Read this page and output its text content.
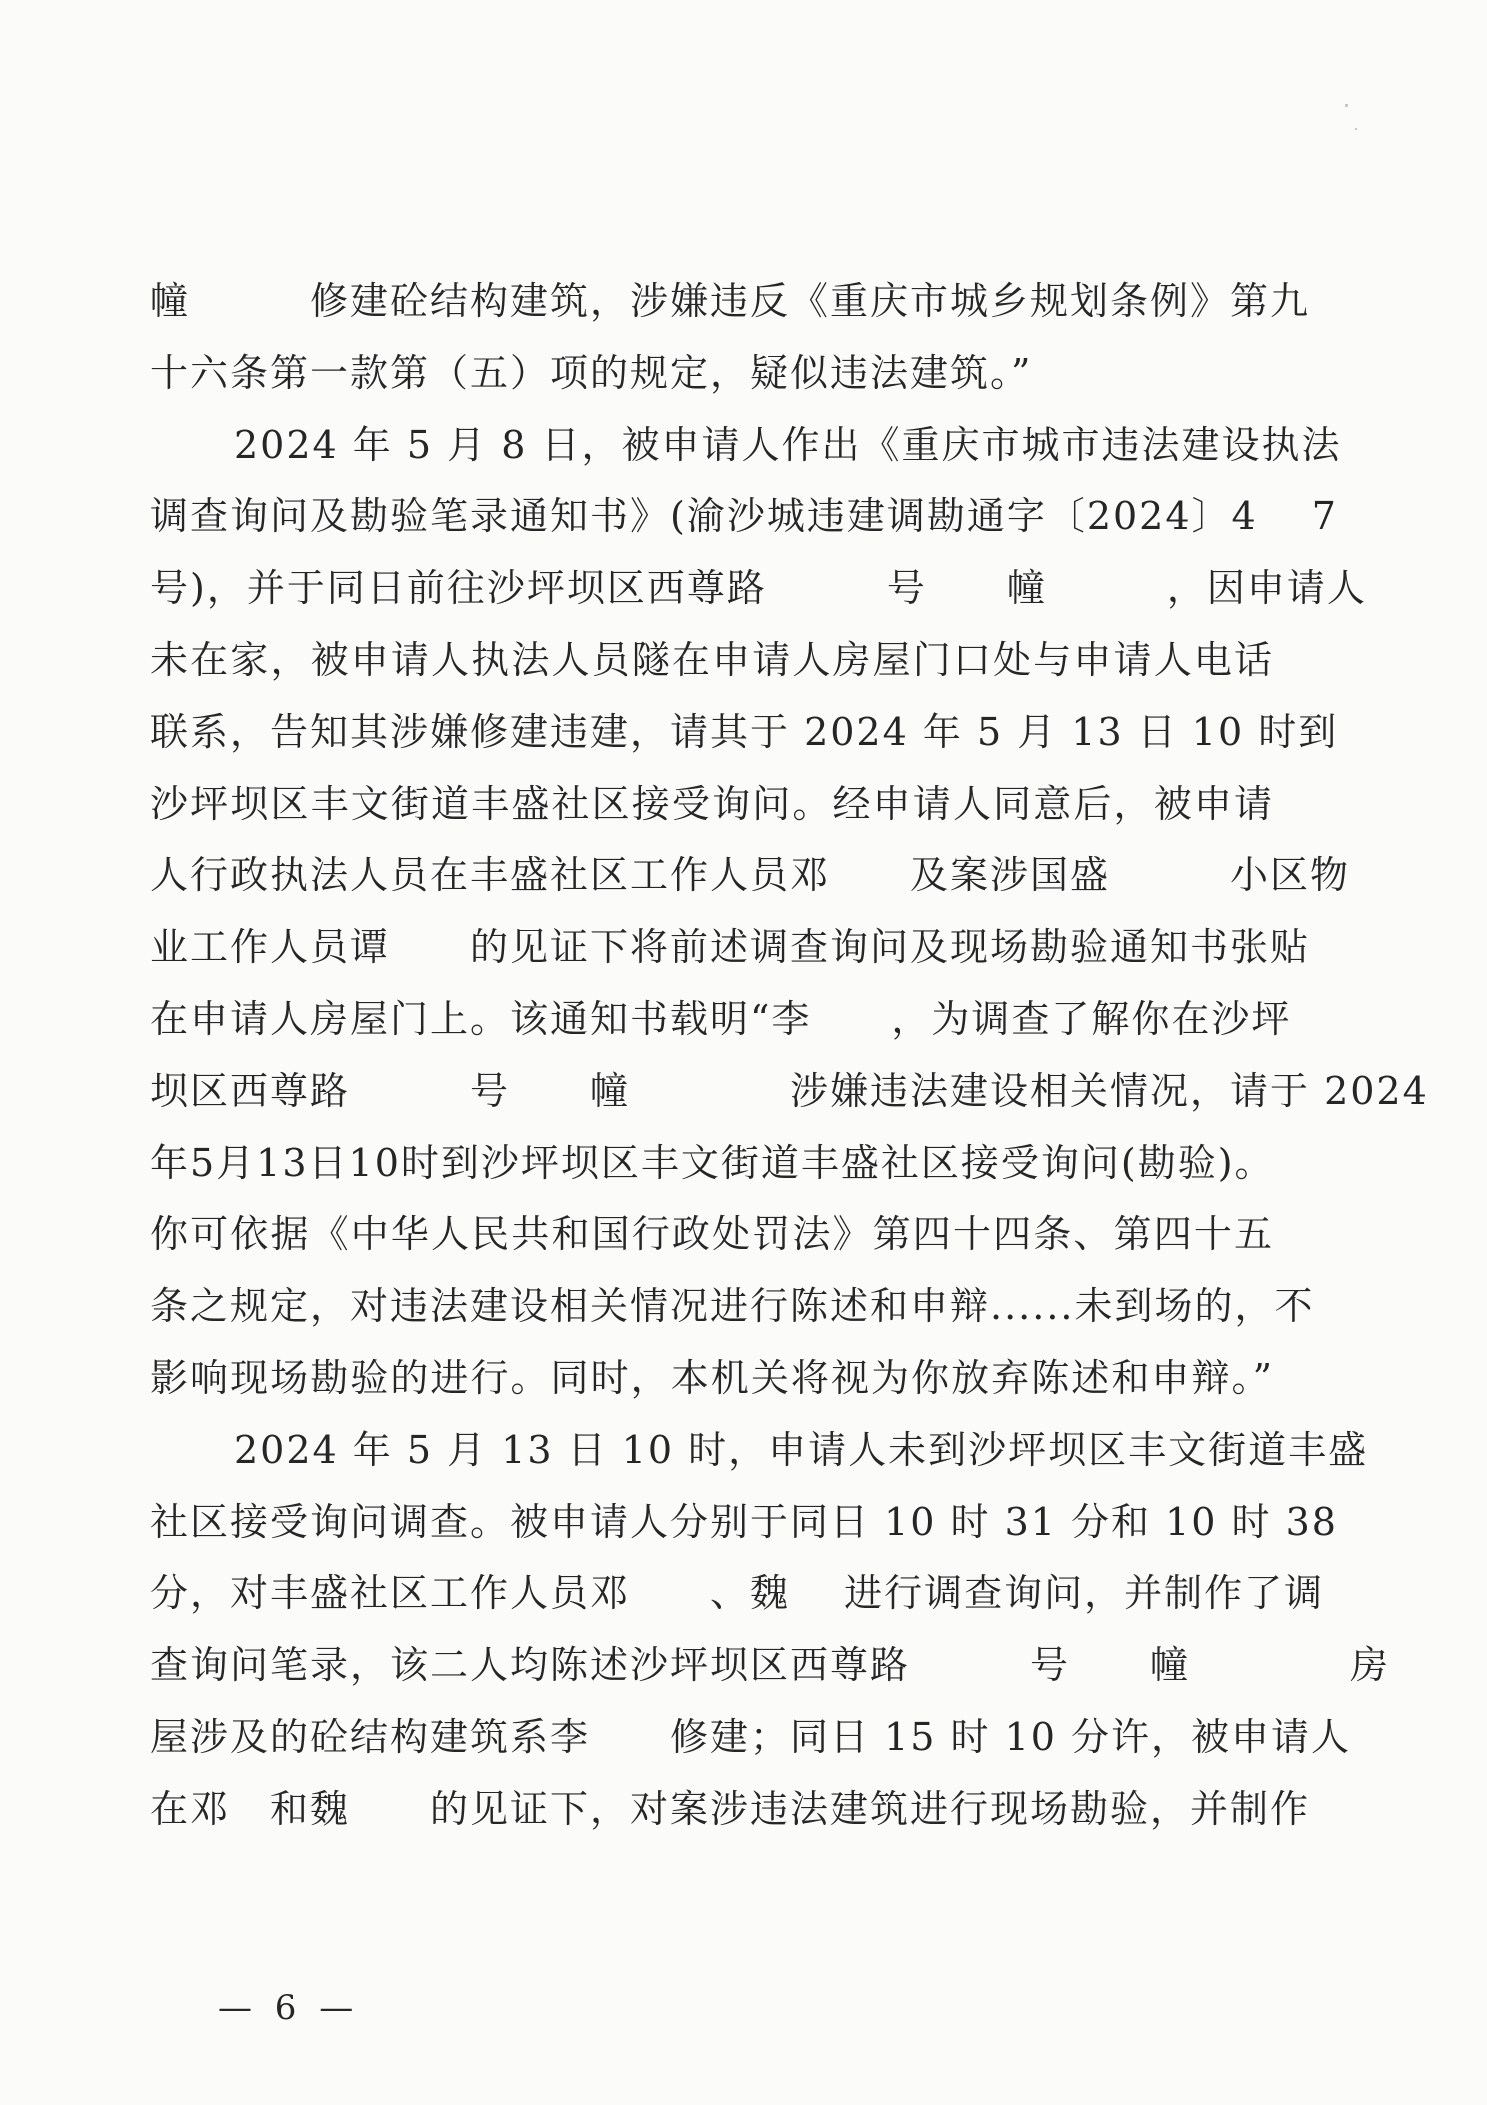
幢　　　修建砼结构建筑，涉嫌违反《重庆市城乡规划条例》第九
十六条第一款第（五）项的规定，疑似违法建筑。”
2024 年 5 月 8 日，被申请人作出《重庆市城市违法建设执法
调查询问及勘验笔录通知书》(渝沙城违建调勘通字〔2024〕4　 7
号)，并于同日前往沙坪坝区西尊路　　　号　　幢　　　，因申请人
未在家，被申请人执法人员隧在申请人房屋门口处与申请人电话
联系，告知其涉嫌修建违建，请其于 2024 年 5 月 13 日 10 时到
沙坪坝区丰文街道丰盛社区接受询问。经申请人同意后，被申请
人行政执法人员在丰盛社区工作人员邓　　及案涉国盛　　　小区物
业工作人员谭　　的见证下将前述调查询问及现场勘验通知书张贴
在申请人房屋门上。该通知书载明“李　　，为调查了解你在沙坪
坝区西尊路　　　号　　幢　　　　涉嫌违法建设相关情况，请于 2024
年5月13日10时到沙坪坝区丰文街道丰盛社区接受询问(勘验)。
你可依据《中华人民共和国行政处罚法》第四十四条、第四十五
条之规定，对违法建设相关情况进行陈述和申辩......未到场的，不
影响现场勘验的进行。同时，本机关将视为你放弃陈述和申辩。”
2024 年 5 月 13 日 10 时，申请人未到沙坪坝区丰文街道丰盛
社区接受询问调查。被申请人分别于同日 10 时 31 分和 10 时 38
分，对丰盛社区工作人员邓　　、魏　 进行调查询问，并制作了调
查询问笔录，该二人均陈述沙坪坝区西尊路　　　号　　幢　　　　房
屋涉及的砼结构建筑系李　　修建；同日 15 时 10 分许，被申请人
在邓　和魏　　的见证下，对案涉违法建筑进行现场勘验，并制作
— 6 —
